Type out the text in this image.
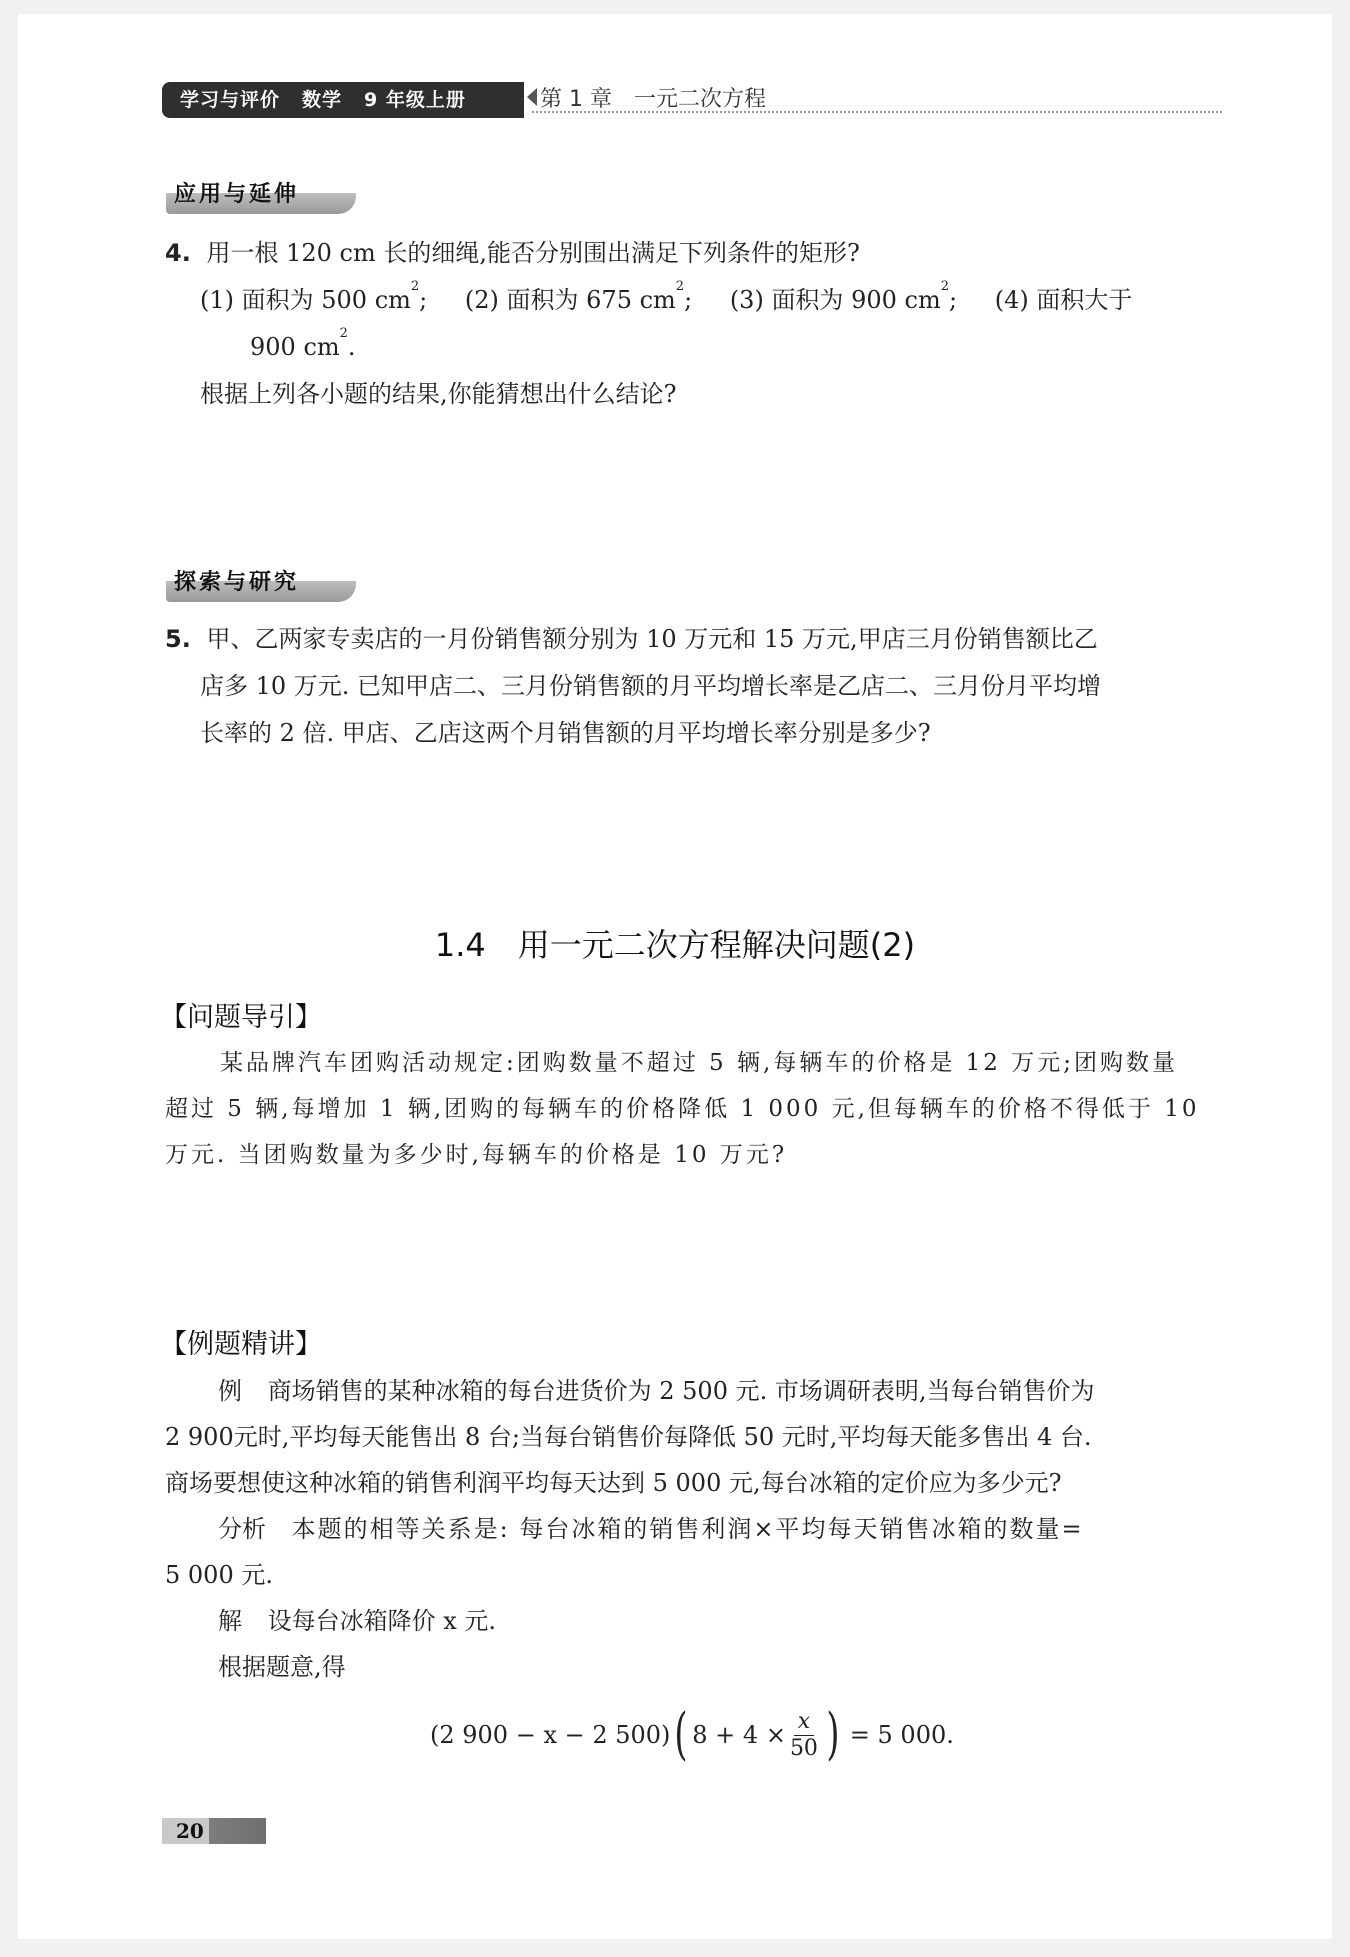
学习与评价 数学 9 年级上册	第 1 章　一元二次方程
应用与延伸
4. 用一根 120 cm 长的细绳,能否分别围出满足下列条件的矩形?
(1) 面积为 500 $cm^2$; (2) 面积为 675 $cm^2$; (3) 面积为 900 $cm^2$; (4) 面积大于
900 $cm^2$.
根据上列各小题的结果,你能猜想出什么结论?
探索与研究
5. 甲、乙两家专卖店的一月份销售额分别为 10 万元和 15 万元,甲店三月份销售额比乙
店多 10 万元. 已知甲店二、三月份销售额的月平均增长率是乙店二、三月份月平均增
长率的 2 倍. 甲店、乙店这两个月销售额的月平均增长率分别是多少?
1.4　用一元二次方程解决问题(2)
【问题导引】
某品牌汽车团购活动规定:团购数量不超过 5 辆,每辆车的价格是 12 万元;团购数量
超过 5 辆,每增加 1 辆,团购的每辆车的价格降低 1 000 元,但每辆车的价格不得低于 10
万元. 当团购数量为多少时,每辆车的价格是 10 万元?
【例题精讲】
例 商场销售的某种冰箱的每台进货价为 2 500 元. 市场调研表明,当每台销售价为
2 900元时,平均每天能售出 8 台;当每台销售价每降低 50 元时,平均每天能多售出 4 台.
商场要想使这种冰箱的销售利润平均每天达到 5 000 元,每台冰箱的定价应为多少元?
分析 本题的相等关系是: 每台冰箱的销售利润×平均每天销售冰箱的数量=
5 000 元.
解 设每台冰箱降价 x 元.
根据题意,得
(2 900 − x − 2 500) ( $8 + 4 \times \frac{x}{50}$ ) = 5 000.
20
